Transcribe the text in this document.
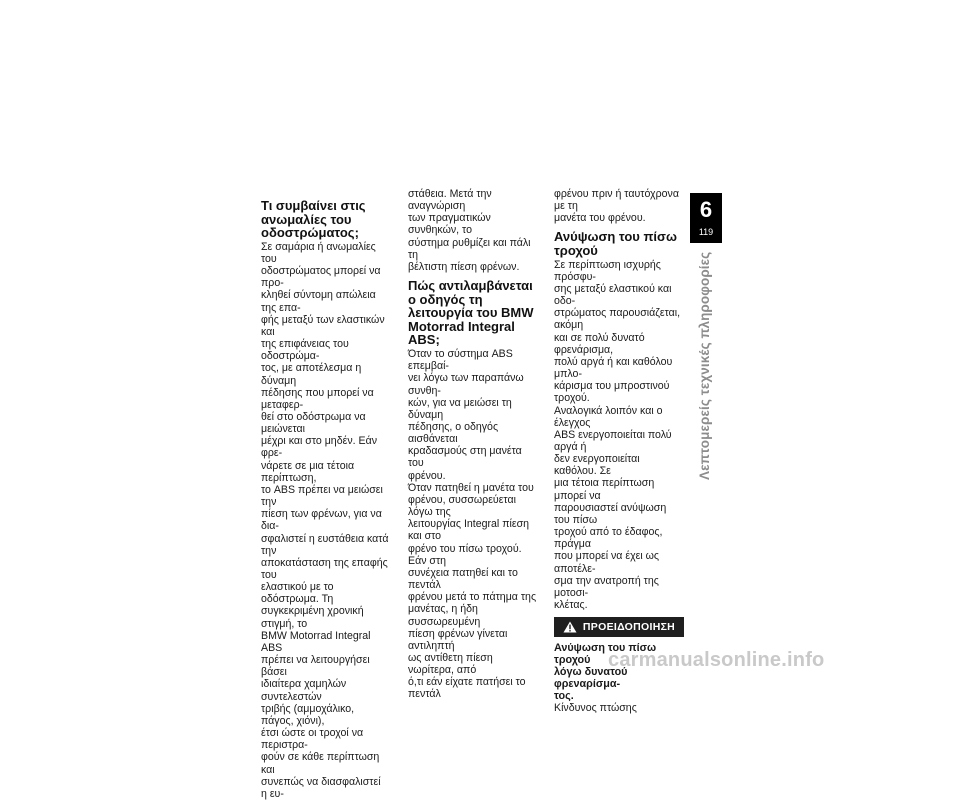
Τι συμβαίνει στις ανωμαλίες του οδοστρώματος;

Σε σαμάρια ή ανωμαλίες του
οδοστρώματος μπορεί να προ-
κληθεί σύντομη απώλεια της επα-
φής μεταξύ των ελαστικών και
της επιφάνειας του οδοστρώμα-
τος, με αποτέλεσμα η δύναμη
πέδησης που μπορεί να μεταφερ-
θεί στο οδόστρωμα να μειώνεται
μέχρι και στο μηδέν. Εάν φρε-
νάρετε σε μια τέτοια περίπτωση,
το ABS πρέπει να μειώσει την
πίεση των φρένων, για να δια-
σφαλιστεί η ευστάθεια κατά την
αποκατάσταση της επαφής του
ελαστικού με το οδόστρωμα. Τη
συγκεκριμένη χρονική στιγμή, το
BMW Motorrad Integral ABS
πρέπει να λειτουργήσει βάσει
ιδιαίτερα χαμηλών συντελεστών
τριβής (αμμοχάλικο, πάγος, χιόνι),
έτσι ώστε οι τροχοί να περιστρα-
φούν σε κάθε περίπτωση και
συνεπώς να διασφαλιστεί η ευ-

στάθεια. Μετά την αναγνώριση
των πραγματικών συνθηκών, το
σύστημα ρυθμίζει και πάλι τη
βέλτιστη πίεση φρένων.

Πώς αντιλαμβάνεται ο οδηγός τη λειτουργία του BMW Motorrad Integral ABS;

Όταν το σύστημα ABS επεμβαί-
νει λόγω των παραπάνω συνθη-
κών, για να μειώσει τη δύναμη
πέδησης, ο οδηγός αισθάνεται
κραδασμούς στη μανέτα του
φρένου.

Όταν πατηθεί η μανέτα του
φρένου, συσσωρεύεται λόγω της
λειτουργίας Integral πίεση και στο
φρένο του πίσω τροχού. Εάν στη
συνέχεια πατηθεί και το πεντάλ
φρένου μετά το πάτημα της
μανέτας, η ήδη συσσωρευμένη
πίεση φρένων γίνεται αντιληπτή
ως αντίθετη πίεση νωρίτερα, από
ό,τι εάν είχατε πατήσει το πεντάλ

φρένου πριν ή ταυτόχρονα με τη
μανέτα του φρένου.

Ανύψωση του πίσω τροχού

Σε περίπτωση ισχυρής πρόσφυ-
σης μεταξύ ελαστικού και οδο-
στρώματος παρουσιάζεται, ακόμη
και σε πολύ δυνατό φρενάρισμα,
πολύ αργά ή και καθόλου μπλο-
κάρισμα του μπροστινού τροχού.
Αναλογικά λοιπόν και ο έλεγχος
ABS ενεργοποιείται πολύ αργά ή
δεν ενεργοποιείται καθόλου. Σε
μια τέτοια περίπτωση μπορεί να
παρουσιαστεί ανύψωση του πίσω
τροχού από το έδαφος, πράγμα
που μπορεί να έχει ως αποτέλε-
σμα την ανατροπή της μοτοσι-
κλέτας.

ΠΡΟΕΙΔΟΠΟΙΗΣΗ
Ανύψωση του πίσω τροχού
λόγω δυνατού φρεναρίσμα-
τος.

Κίνδυνος πτώσης

6
119
Λεπτομερείς τεχνικές πληροφορίες
carmanualsonline.info
